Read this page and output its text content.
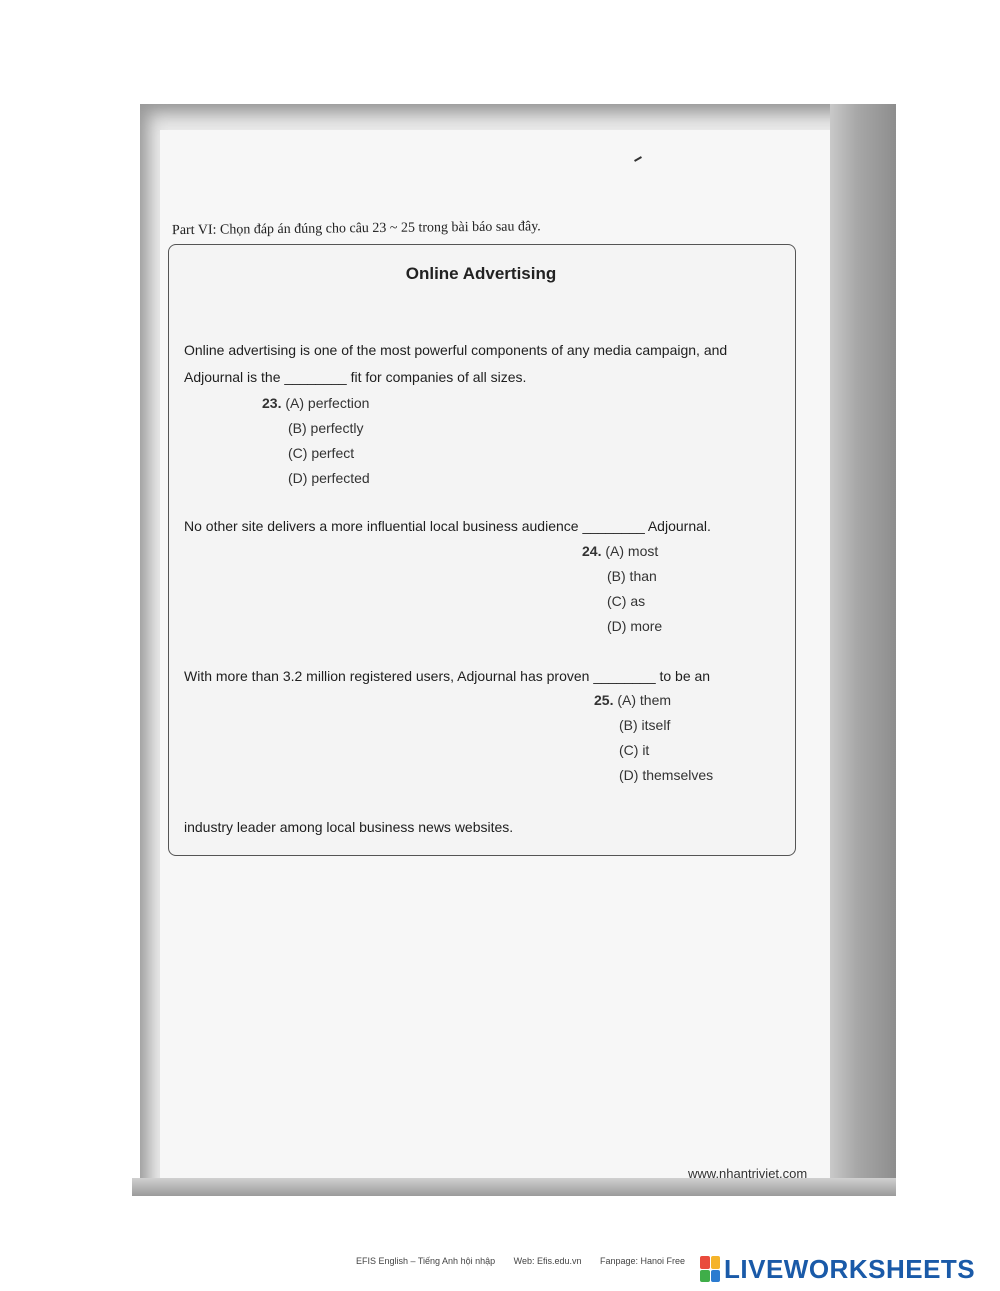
Part VI: Chọn đáp án đúng cho câu 23 ~ 25 trong bài báo sau đây.
Online Advertising
Online advertising is one of the most powerful components of any media campaign, and
Adjournal is the ________ fit for companies of all sizes.
23. (A) perfection
(B) perfectly
(C) perfect
(D) perfected
No other site delivers a more influential local business audience ________ Adjournal.
24. (A) most
(B) than
(C) as
(D) more
With more than 3.2 million registered users, Adjournal has proven ________ to be an
25. (A) them
(B) itself
(C) it
(D) themselves
industry leader among local business news websites.
www.nhantriviet.com
EFIS English – Tiếng Anh hội nhập Web: Efis.edu.vn Fanpage: Hanoi Free	LIVEWORKSHEETS
